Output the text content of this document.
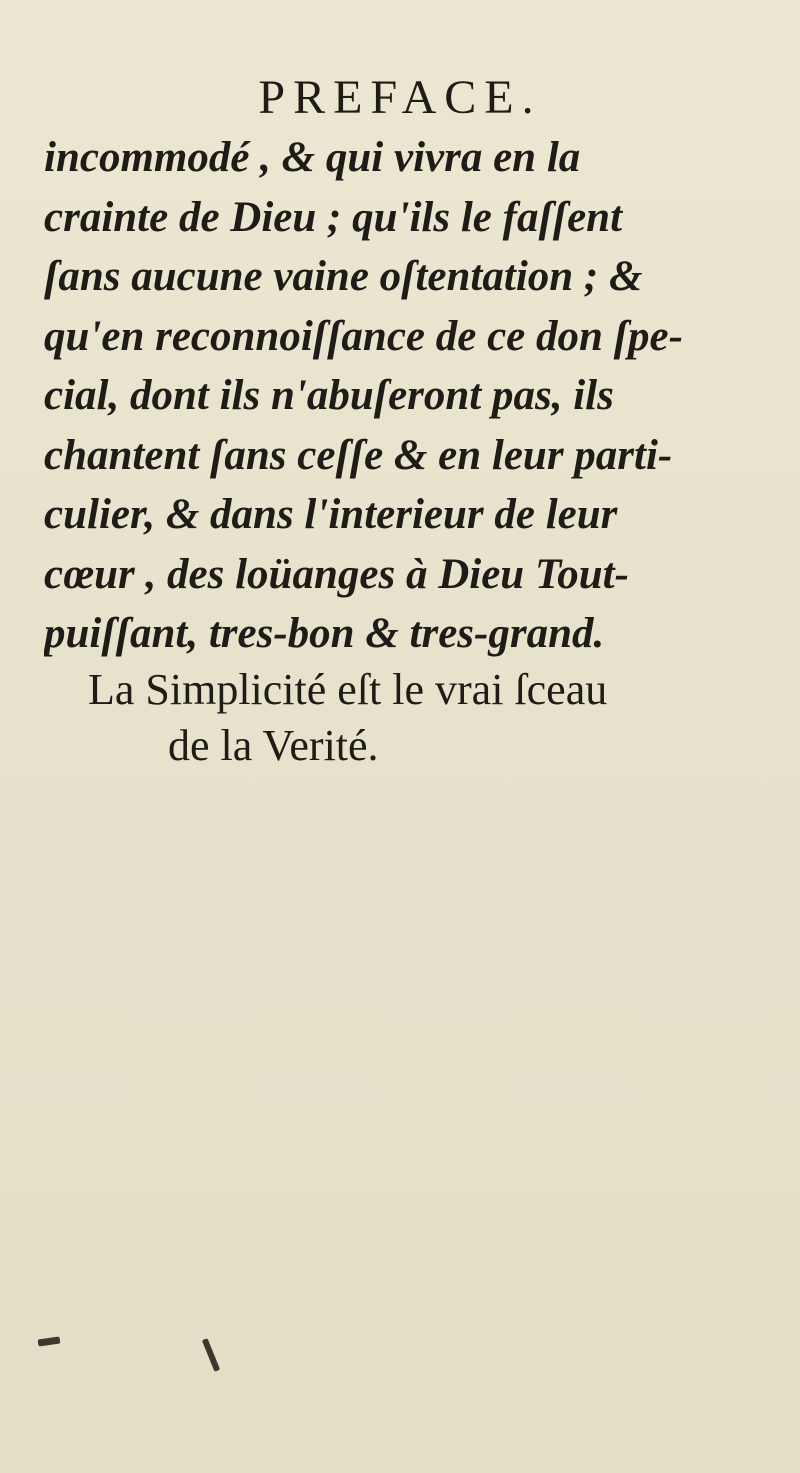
PREFACE.
incommodé , & qui vivra en la
crainte de Dieu ; qu'ils le faſſent
ſans aucune vaine oſtentation ; &
qu'en reconnoiſſance de ce don ſpe-
cial, dont ils n'abuſeront pas, ils
chantent ſans ceſſe & en leur parti-
culier, & dans l'interieur de leur
cœur , des loüanges à Dieu Tout-
puiſſant, tres-bon & tres-grand.
La Simplicité eſt le vrai ſceau
de la Verité.
